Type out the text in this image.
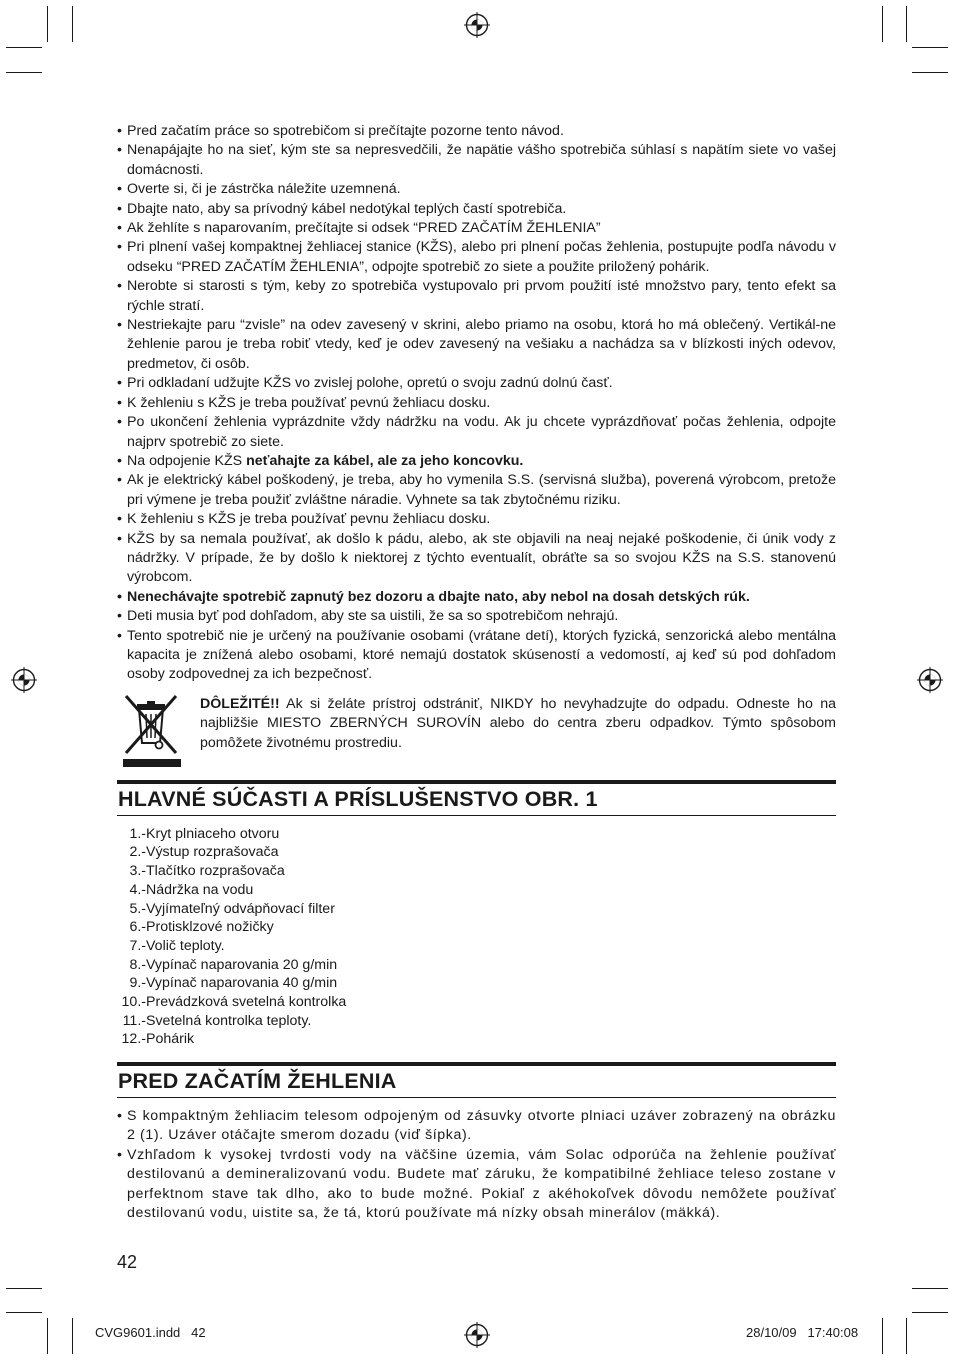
• Pred začatím práce so spotrebičom si prečítajte pozorne tento návod.
• Nenapájajte ho na sieť, kým ste sa nepresvedčili, že napätie vášho spotrebiča súhlasí s napätím siete vo vašej domácnosti.
• Overte si, či je zástrčka náležite uzemnená.
• Dbajte nato, aby sa prívodný kábel nedotýkal teplých častí spotrebiča.
• Ak žehlíte s naparovaním, prečítajte si odsek “PRED ZAČATÍM ŽEHLENIA”
• Pri plnení vašej kompaktnej žehliacej stanice (KŽS), alebo pri plnení počas žehlenia, postupujte podľa návodu v odseku “PRED ZAČATÍM ŽEHLENIA”, odpojte spotrebič zo siete a použite priložený pohárik.
• Nerobte si starosti s tým, keby zo spotrebiča vystupovalo pri prvom použití isté množstvo pary, tento efekt sa rýchle stratí.
• Nestriekajte paru “zvisle” na odev zavesený v skrini, alebo priamo na osobu, ktorá ho má oblečený. Vertikál-ne žehlenie parou je treba robiť vtedy, keď je odev zavesený na vešiaku a nachádza sa v blízkosti iných odevov, predmetov, či osôb.
• Pri odkladaní udžujte KŽS vo zvislej polohe, opretú o svoju zadnú dolnú časť.
• K žehleniu s KŽS je treba používať pevnú žehliacu dosku.
• Po ukončení žehlenia vyprázdnite vždy nádržku na vodu. Ak ju chcete vyprázdňovať počas žehlenia, odpojte najprv spotrebič zo siete.
• Na odpojenie KŽS neťahajte za kábel, ale za jeho koncovku.
• Ak je elektrický kábel poškodený, je treba, aby ho vymenila S.S. (servisná služba), poverená výrobcom, pretože pri výmene je treba použiť zvláštne náradie. Vyhnete sa tak zbytočnému riziku.
• K žehleniu s KŽS je treba používať pevnu žehliacu dosku.
• KŽS by sa nemala používať, ak došlo k pádu, alebo, ak ste objavili na neaj nejaké poškodenie, či únik vody z nádržky. V prípade, že by došlo k niektorej z týchto eventualít, obráťte sa so svojou KŽS na S.S. stanovenú výrobcom.
• Nenechávajte spotrebič zapnutý bez dozoru a dbajte nato, aby nebol na dosah detských rúk.
• Deti musia byť pod dohľadom, aby ste sa uistili, že sa so spotrebičom nehrajú.
• Tento spotrebič nie je určený na používanie osobami (vrátane detí), ktorých fyzická, senzorická alebo mentálna kapacita je znížená alebo osobami, ktoré nemajú dostatok skúseností a vedomostí, aj keď sú pod dohľadom osoby zodpovednej za ich bezpečnosť.
DÔLEŽITÉ!! Ak si želáte prístroj odstrániť, NIKDY ho nevyhadzujte do odpadu. Odneste ho na najbližšie MIESTO ZBERNÝCH SUROVÍN alebo do centra zberu odpadkov. Týmto spôsobom pomôžete životnému prostrediu.
HLAVNÉ SÚČASTI A PRÍSLUŠENSTVO OBR. 1
1.- Kryt plniaceho otvoru
2.- Výstup rozprašovača
3.- Tlačítko rozprašovača
4.- Nádržka na vodu
5.- Vyjímateľný odvápňovací filter
6.- Protisklzové nožičky
7.- Volič teploty.
8.- Vypínač naparovania 20 g/min
9.- Vypínač naparovania 40 g/min
10.- Prevádzková svetelná kontrolka
11.- Svetelná kontrolka teploty.
12.- Pohárik
PRED ZAČATÍM ŽEHLENIA
• S kompaktným žehliacim telesom odpojeným od zásuvky otvorte plniaci uzáver zobrazený na obrázku 2 (1). Uzáver otáčajte smerom dozadu (viď šípka).
• Vzhľadom k vysokej tvrdosti vody na väčšine územia, vám Solac odporúča na žehlenie používať destilovanú a demineralizovanú vodu. Budete mať záruku, že kompatibilné žehliace teleso zostane v perfektnom stave tak dlho, ako to bude možné. Pokiaľ z akéhokoľvek dôvodu nemôžete používať destilovanú vodu, uistite sa, že tá, ktorú používate má nízky obsah minerálov (mäkká).
42
CVG9601.indd   42	28/10/09   17:40:08
